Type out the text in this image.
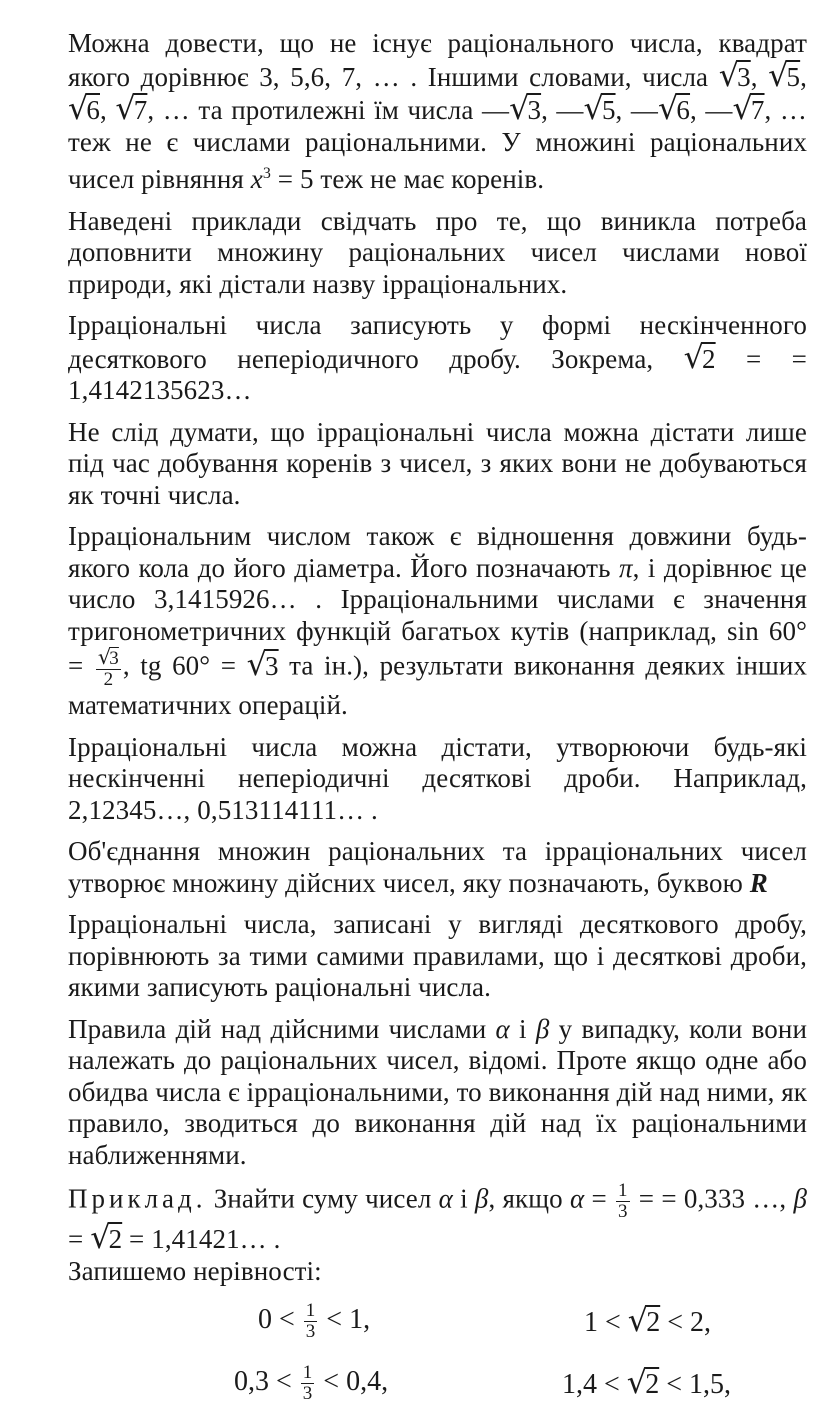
Можна довести, що не існує раціонального числа, квадрат якого дорівнює 3, 5,6, 7, … . Іншими словами, числа √3, √5, √6, √7, … та протилежні їм числа —√3, —√5, —√6, —√7, … теж не є числами раціональними. У множині раціональних чисел рівняння $x^3 = 5$ теж не має коренів.

Наведені приклади свідчать про те, що виникла потреба доповнити множину раціональних чисел числами нової природи, які дістали назву ірраціональних.

Ірраціональні числа записують у формі нескінченного десяткового неперіодичного дробу. Зокрема, √2 = = 1,4142135623…

Не слід думати, що ірраціональні числа можна дістати лише під час добування коренів з чисел, з яких вони не добуваються як точні числа.

Ірраціональним числом також є відношення довжини будь-якого кола до його діаметра. Його позначають π, і дорівнює це число 3,1415926… . Ірраціональними числами є значення тригонометричних функцій багатьох кутів (наприклад, $\sin 60^\circ = \frac{√3}{2}$ , tg 60° = √3 та ін.), результати виконання деяких інших математичних операцій.

Ірраціональні числа можна дістати, утворюючи будь-які нескінченні неперіодичні десяткові дроби. Наприклад, 2,12345…, 0,513114111… .

Об'єднання множин раціональних та ірраціональних чисел утворює множину дійсних чисел, яку позначають, буквою R

Ірраціональні числа, записані у вигляді десяткового дробу, порівнюють за тими самими правилами, що і десяткові дроби, якими записують раціональні числа.

Правила дій над дійсними числами α і β у випадку, коли вони належать до раціональних чисел, відомі. Проте якщо одне або обидва числа є ірраціональними, то виконання дій над ними, як правило, зводиться до виконання дій над їх раціональними наближеннями.

Приклад. Знайти суму чисел α і β, якщо $\alpha = \frac{1}{3}$ = = 0,333 …, β = √2 = 1,41421… .

Запишемо нерівності:

$0 < \frac{1}{3} < 1$,	1 < √2 < 2,
$0,3 < \frac{1}{3} < 0,4$,	1,4 < √2 < 1,5,
